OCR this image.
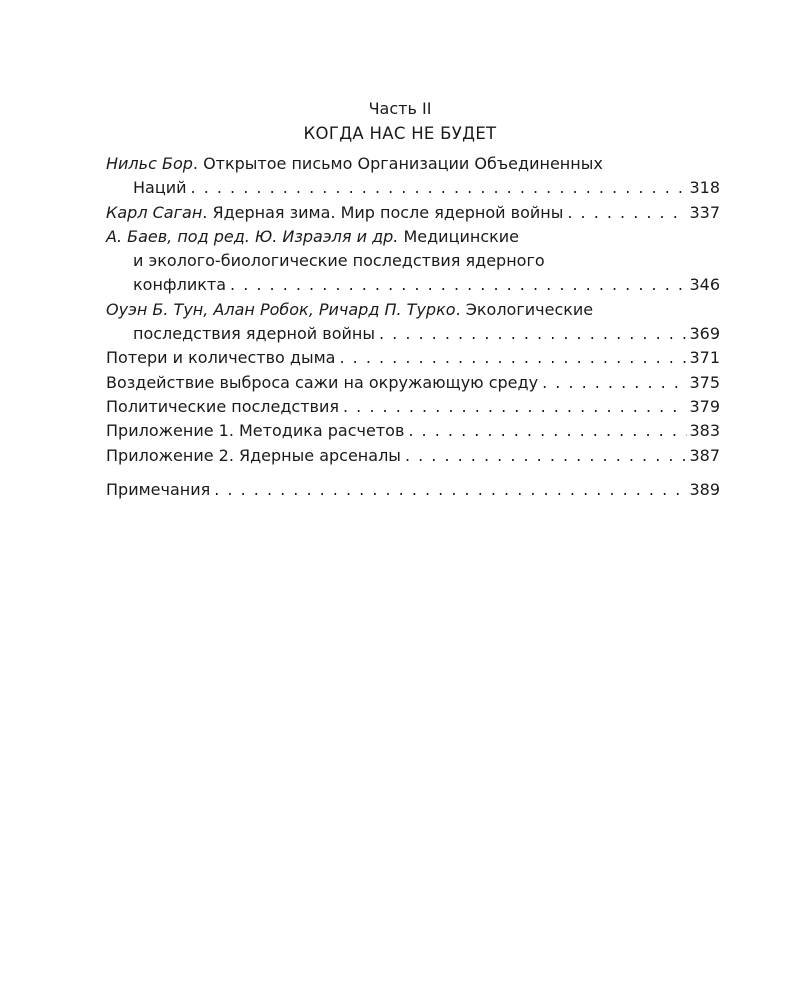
Часть II
КОГДА НАС НЕ БУДЕТ
Нильс Бор. Открытое письмо Организации Объединенных
Наций . . .	318
Карл Саган. Ядерная зима. Мир после ядерной войны . . .	337
А. Баев, под ред. Ю. Израэля и др. Медицинские
и эколого-биологические последствия ядерного
конфликта . . .	346
Оуэн Б. Тун, Алан Робок, Ричард П. Турко. Экологические
последствия ядерной войны . . .	369
Потери и количество дыма . . .	371
Воздействие выброса сажи на окружающую среду . . .	375
Политические последствия . . .	379
Приложение 1. Методика расчетов . . .	383
Приложение 2. Ядерные арсеналы . . .	387
Примечания . . .	389
